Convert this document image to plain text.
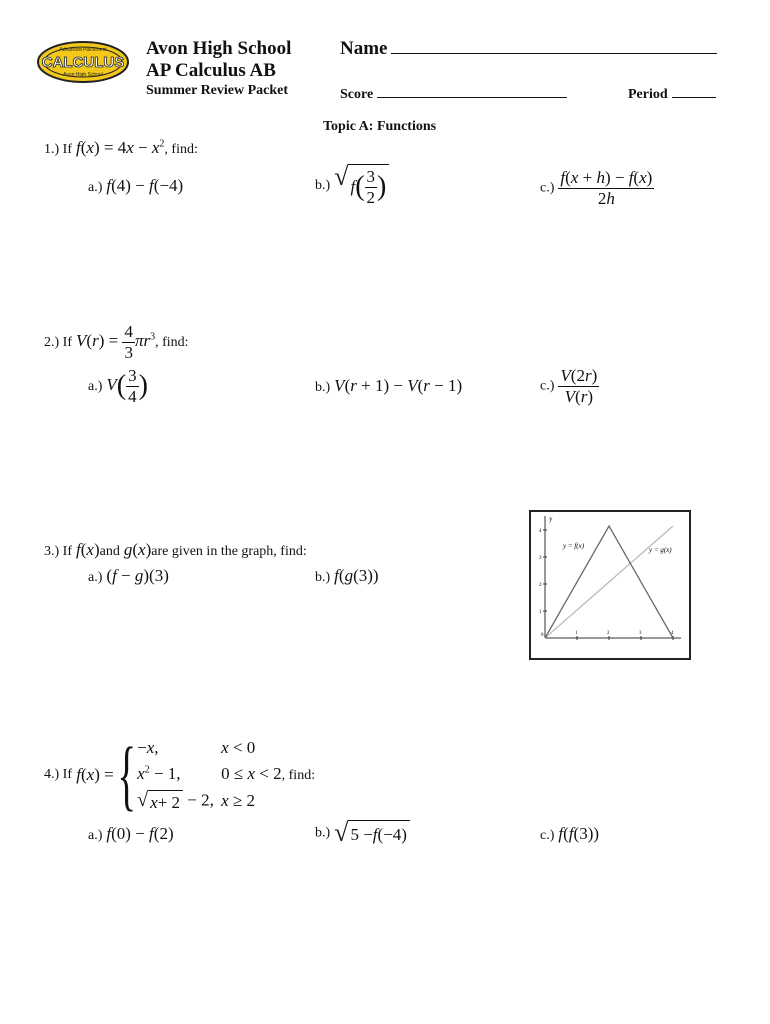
Advanced Placement
CALCULUS
Avon High School
Avon High School
AP Calculus AB
Summer Review Packet
Name
Score	Period
Topic A: Functions
1.) If $f(x) = 4x - x^2$, find:
a.) f(4) − f(−4)	b.) √ f ( $\frac{3}{2}$ )	$c.) \frac{f(x + h) - f(x)}{2h}$
2.) If $V(r) = \frac{4}{3} \pi r^3$, find:
a.) $V( \frac{3}{4}$ )	b.) V(r + 1) − V(r − 1)	$c.) \frac{V(2r)}{V(r)}$
3.) If f(x)and g(x)are given in the graph, find:
a.) (f − g)(3)	b.) f(g(3))
y
1
2
3
4
0	1	2	3	4
y = f(x)	y = g(x)
4.) If f(x) = { −x,	x < 0
$x^2 - 1$,	0 ≤ x < 2, find:
√ x + 2 − 2, x ≥ 2
a.) f(0) − f(2)	b.) √ 5 − f (−4)	c.) f(f(3))
